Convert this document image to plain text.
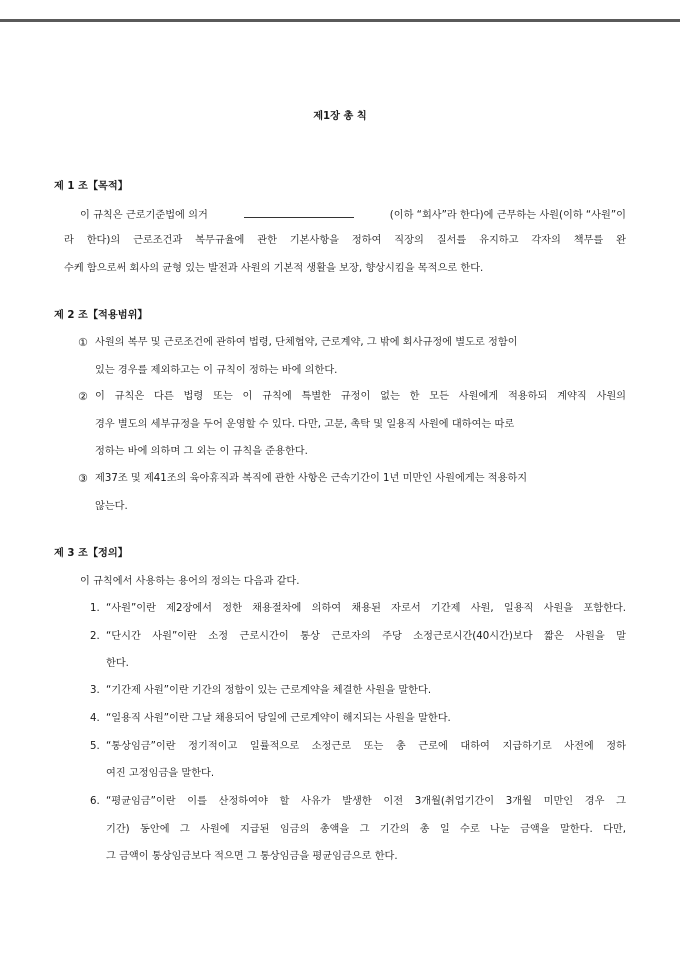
제1장 총 칙
제 1 조【목적】
이 규칙은 근로기준법에 의거	(이하 “회사”라 한다)에 근무하는 사원(이하 “사원”이
라 한다)의 근로조건과 복무규율에 관한 기본사항을 정하여 직장의 질서를 유지하고 각자의 책무를 완
수케 함으로써 회사의 균형 있는 발전과 사원의 기본적 생활을 보장, 향상시킴을 목적으로 한다.
제 2 조【적용범위】
① 사원의 복무 및 근로조건에 관하여 법령, 단체협약, 근로계약, 그 밖에 회사규정에 별도로 정함이
있는 경우를 제외하고는 이 규칙이 정하는 바에 의한다.
② 이 규칙은 다른 법령 또는 이 규칙에 특별한 규정이 없는 한 모든 사원에게 적용하되 계약직 사원의
경우 별도의 세부규정을 두어 운영할 수 있다. 다만, 고문, 촉탁 및 일용직 사원에 대하여는 따로
정하는 바에 의하며 그 외는 이 규칙을 준용한다.
③ 제37조 및 제41조의 육아휴직과 복직에 관한 사항은 근속기간이 1년 미만인 사원에게는 적용하지
않는다.
제 3 조【정의】
이 규칙에서 사용하는 용어의 정의는 다음과 같다.
1. “사원”이란 제2장에서 정한 채용절차에 의하여 채용된 자로서 기간제 사원, 일용직 사원을 포함한다.
2. “단시간 사원”이란 소정 근로시간이 통상 근로자의 주당 소정근로시간(40시간)보다 짧은 사원을 말
한다.
3. “기간제 사원”이란 기간의 정함이 있는 근로계약을 체결한 사원을 말한다.
4. “일용직 사원”이란 그날 채용되어 당일에 근로계약이 해지되는 사원을 말한다.
5. “통상임금”이란 정기적이고 일률적으로 소정근로 또는 총 근로에 대하여 지급하기로 사전에 정하
여진 고정임금을 말한다.
6. “평균임금”이란 이를 산정하여야 할 사유가 발생한 이전 3개월(취업기간이 3개월 미만인 경우 그
기간) 동안에 그 사원에 지급된 임금의 총액을 그 기간의 총 일 수로 나눈 금액을 말한다. 다만,
그 금액이 통상임금보다 적으면 그 통상임금을 평균임금으로 한다.
